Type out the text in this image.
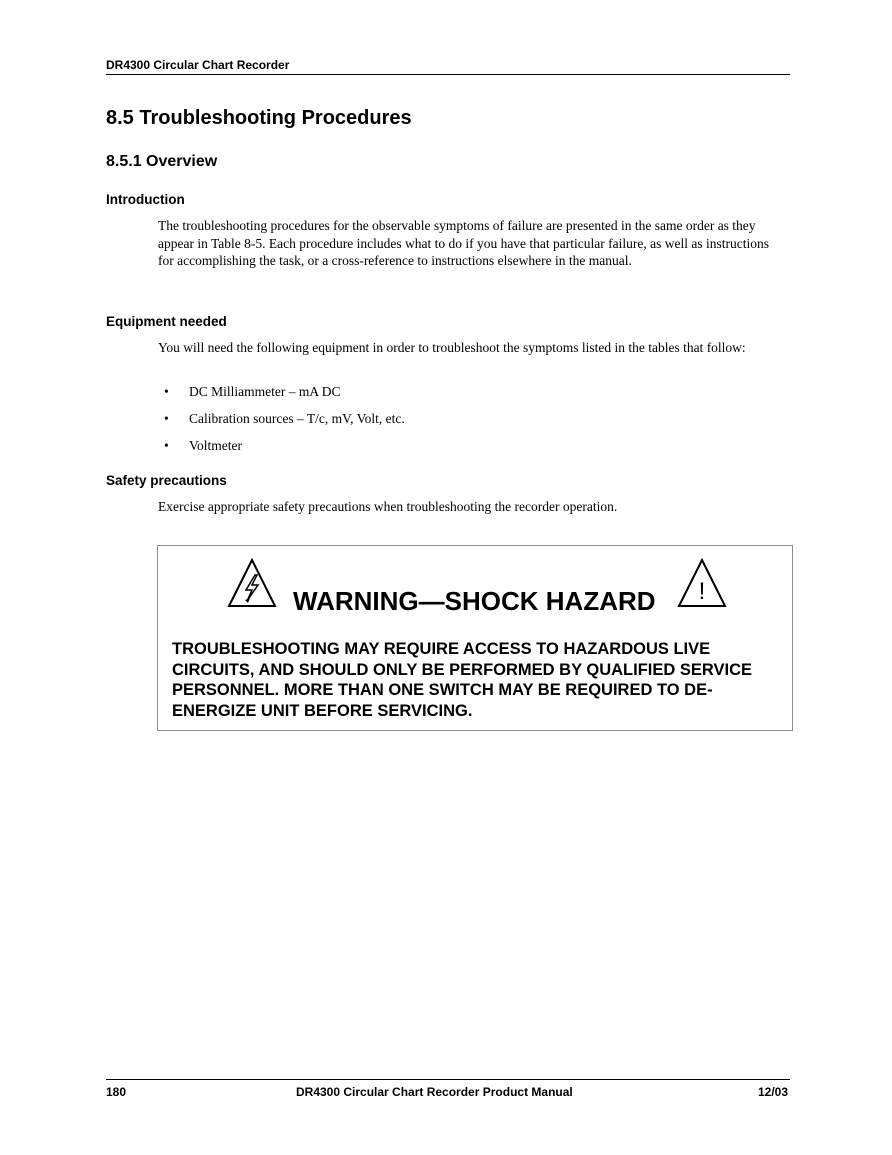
DR4300 Circular Chart Recorder
8.5 Troubleshooting Procedures
8.5.1 Overview
Introduction

The troubleshooting procedures for the observable symptoms of failure are presented in the same order as they appear in Table 8-5. Each procedure includes what to do if you have that particular failure, as well as instructions for accomplishing the task, or a cross-reference to instructions elsewhere in the manual.

Equipment needed

You will need the following equipment in order to troubleshoot the symptoms listed in the tables that follow:

• DC Milliammeter – mA DC
• Calibration sources – T/c, mV, Volt, etc.
• Voltmeter
Safety precautions

Exercise appropriate safety precautions when troubleshooting the recorder operation.

WARNING—SHOCK HAZARD !

TROUBLESHOOTING MAY REQUIRE ACCESS TO HAZARDOUS LIVE CIRCUITS, AND SHOULD ONLY BE PERFORMED BY QUALIFIED SERVICE PERSONNEL. MORE THAN ONE SWITCH MAY BE REQUIRED TO DE-ENERGIZE UNIT BEFORE SERVICING.

180	DR4300 Circular Chart Recorder Product Manual	12/03
